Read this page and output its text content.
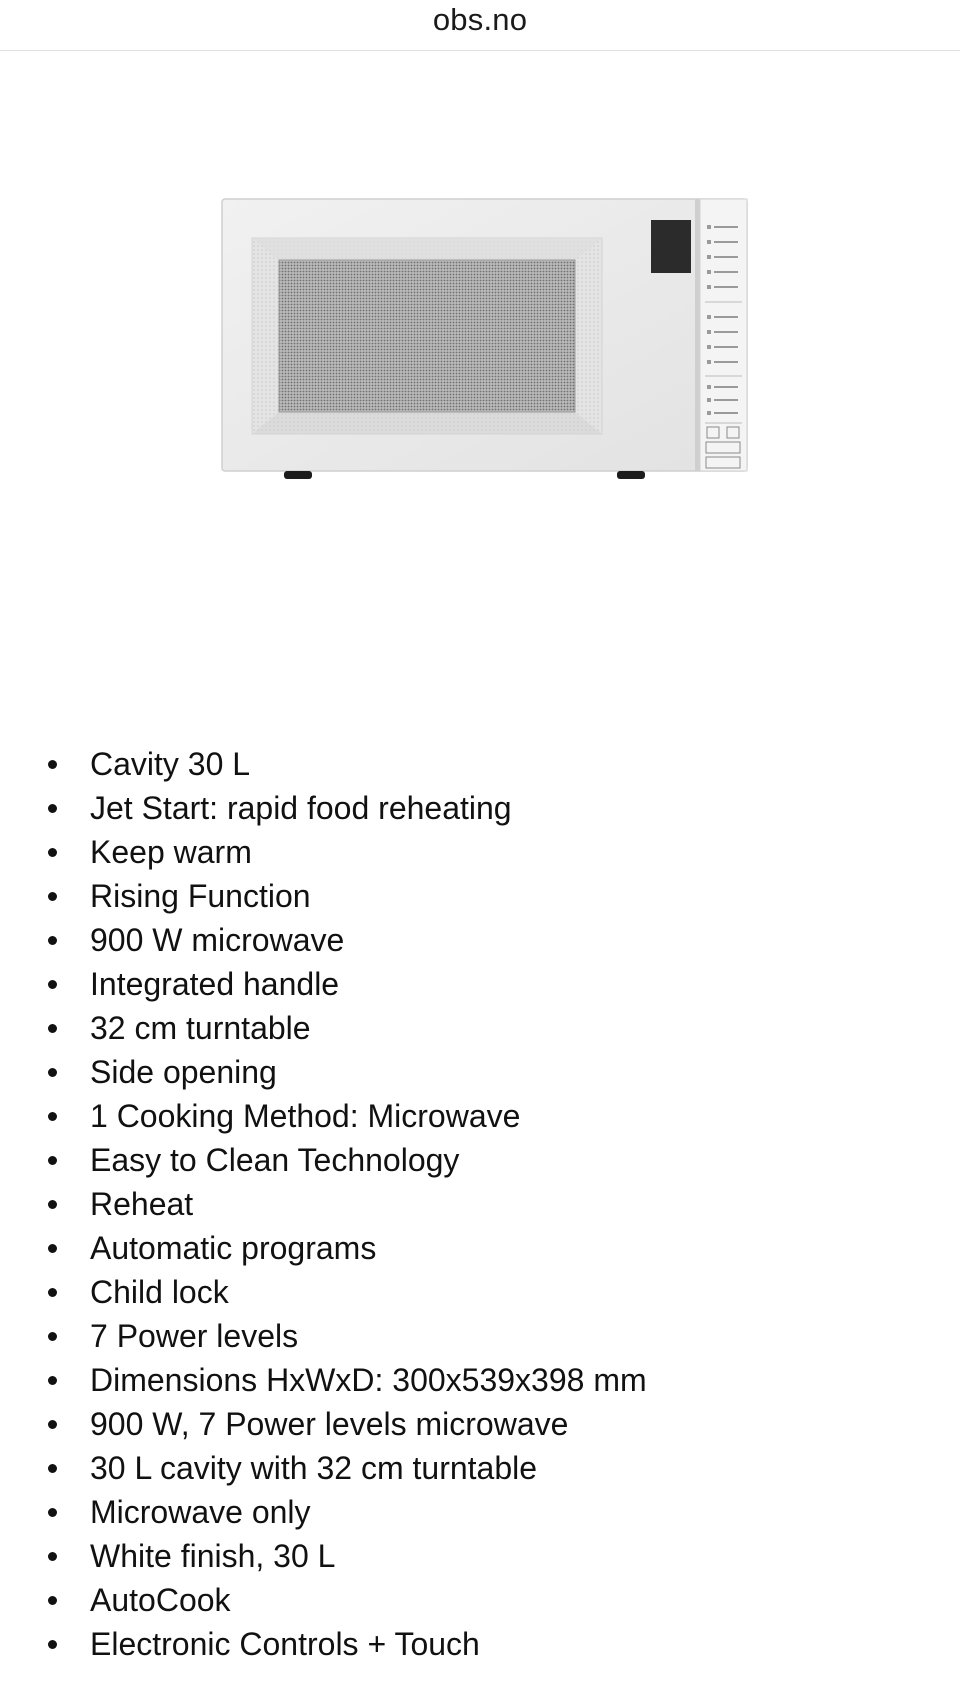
obs.no
Cavity 30 L
Jet Start: rapid food reheating
Keep warm
Rising Function
900 W microwave
Integrated handle
32 cm turntable
Side opening
1 Cooking Method: Microwave
Easy to Clean Technology
Reheat
Automatic programs
Child lock
7 Power levels
Dimensions HxWxD: 300x539x398 mm
900 W, 7 Power levels microwave
30 L cavity with 32 cm turntable
Microwave only
White finish, 30 L
AutoCook
Electronic Controls + Touch
